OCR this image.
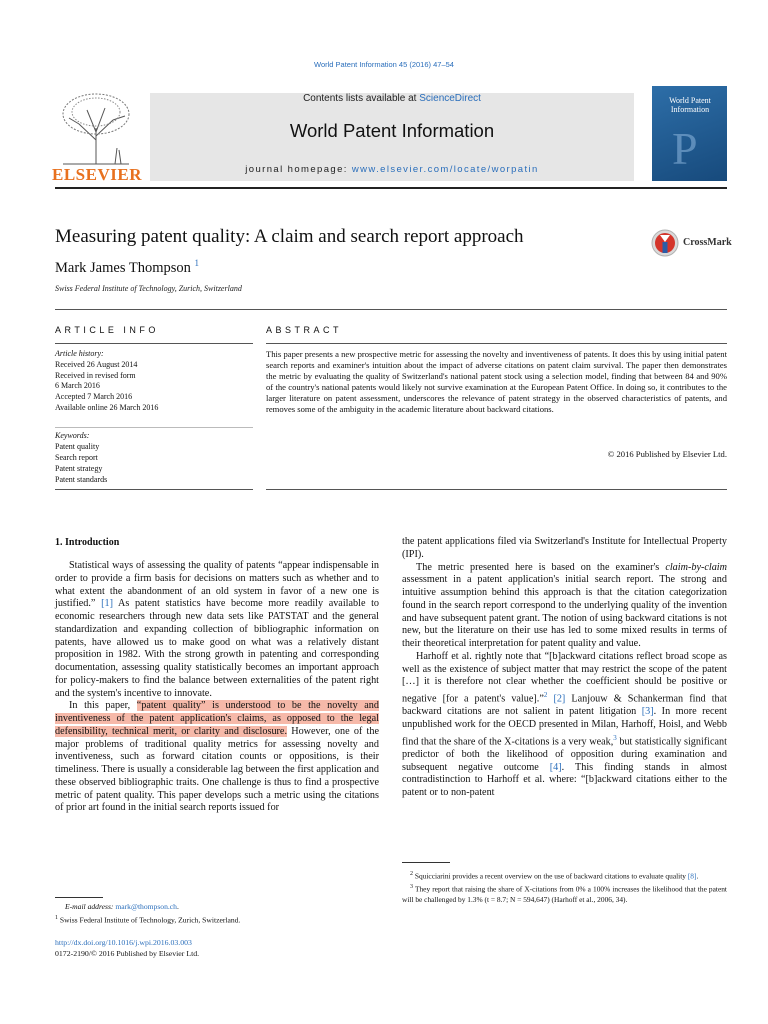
World Patent Information 45 (2016) 47–54
ELSEVIER
Contents lists available at ScienceDirect
World Patent Information
journal homepage: www.elsevier.com/locate/worpatin	P
World Patent Information
Measuring patent quality: A claim and search report approach
Mark James Thompson $^1$
Swiss Federal Institute of Technology, Zurich, Switzerland
CrossMark
ARTICLE INFO	ABSTRACT
Article history:
Received 26 August 2014
Received in revised form
6 March 2016
Accepted 7 March 2016
Available online 26 March 2016
Keywords:
Patent quality
Search report
Patent strategy
Patent standards
This paper presents a new prospective metric for assessing the novelty and inventiveness of patents. It does this by using initial patent search reports and examiner's intuition about the impact of adverse citations on patent claim survival. The paper then demonstrates the metric by evaluating the quality of Switzerland's national patent stock using a selection model, finding that between 84 and 90% of the country's national patents would likely not survive examination at the European Patent Office. In doing so, it contributes to the larger literature on patent assessment, underscores the relevance of patent strategy in the observed characteristics of patents, and removes some of the ambiguity in the academic literature about backward citations.
© 2016 Published by Elsevier Ltd.
1. Introduction

Statistical ways of assessing the quality of patents “appear indispensable in order to provide a firm basis for decisions on matters such as whether and to what extent the abandonment of an old system in favor of a new one is justified.” [1] As patent statistics have become more readily available to economic researchers through new data sets like PATSTAT and the general standardization and expanding collection of bibliographic information on patents, have allowed us to make good on what was a relatively distant proposition in 1982. With the strong growth in patenting and corresponding documentation, assessing quality statistically becomes an important approach for policy-makers to find the balance between externalities of the patent right and the system's incentive to innovate.

In this paper, “patent quality” is understood to be the novelty and inventiveness of the patent application's claims, as opposed to the legal defensibility, technical merit, or clarity and disclosure. However, one of the major problems of traditional quality metrics for assessing novelty and inventiveness, such as forward citation counts or oppositions, is their timeliness. There is usually a considerable lag between the first application and these observed bibliographic traits. One challenge is thus to find a prospective metric of patent quality. This paper develops such a metric using the citations of prior art found in the initial search reports issued for

the patent applications filed via Switzerland's Institute for Intellectual Property (IPI).

The metric presented here is based on the examiner's claim-by-claim assessment in a patent application's initial search report. The strong and intuitive assumption behind this approach is that the citation categorization found in the search report correspond to the underlying quality of the invention and have subsequent patent grant. The notion of using backward citations is not new, but the literature on their use has led to some mixed results in terms of their theoretical interpretation for patent quality and value.

Harhoff et al. rightly note that “[b]ackward citations reflect broad scope as well as the existence of subject matter that may restrict the scope of the patent […] it is therefore not clear whether the coefficient should be positive or negative [for a patent's value].”$^2$ [2] Lanjouw & Schankerman find that backward citations are not salient in patent litigation [3]. In more recent unpublished work for the OECD presented in Milan, Harhoff, Hoisl, and Webb find that the share of the X-citations is a very weak,$^3$ but statistically significant predictor of both the likelihood of opposition during examination and subsequent negative outcome [4]. This finding stands in almost contradistinction to Harhoff et al. where: “[b]ackward citations either to the patent or to non-patent

E-mail address: mark@thompson.ch.
$^1$ Swiss Federal Institute of Technology, Zurich, Switzerland.

$^2$ Squicciarini provides a recent overview on the use of backward citations to evaluate quality [8].

$^3$ They report that raising the share of X-citations from 0% a 100% increases the likelihood that the patent will be challenged by 1.3% (t = 8.7; N = 594,647) (Harhoff et al., 2006, 34).

http://dx.doi.org/10.1016/j.wpi.2016.03.003
0172-2190/© 2016 Published by Elsevier Ltd.
